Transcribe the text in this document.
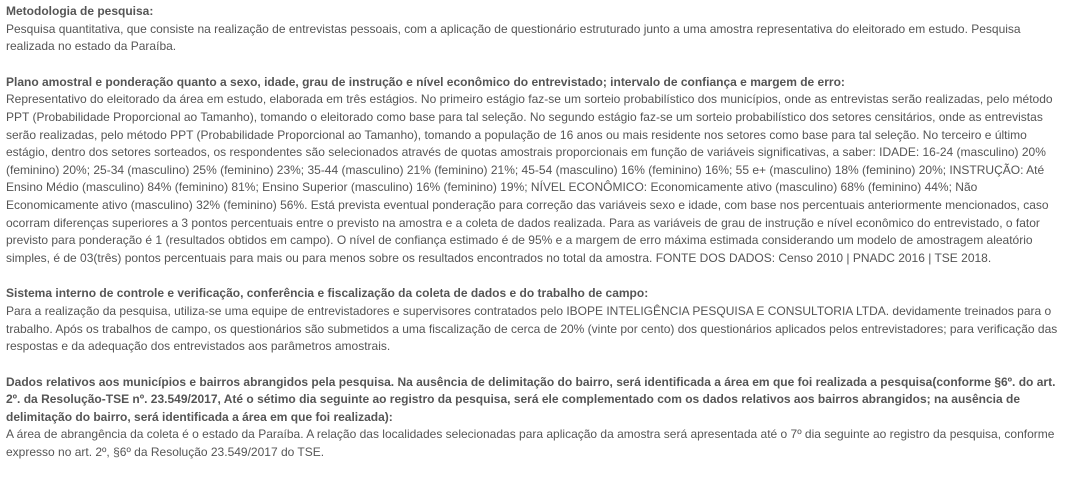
Metodologia de pesquisa:

Pesquisa quantitativa, que consiste na realização de entrevistas pessoais, com a aplicação de questionário estruturado junto a uma amostra representativa do eleitorado em estudo. Pesquisa realizada no estado da Paraíba.

Plano amostral e ponderação quanto a sexo, idade, grau de instrução e nível econômico do entrevistado; intervalo de confiança e margem de erro:

Representativo do eleitorado da área em estudo, elaborada em três estágios. No primeiro estágio faz-se um sorteio probabilístico dos municípios, onde as entrevistas serão realizadas, pelo método PPT (Probabilidade Proporcional ao Tamanho), tomando o eleitorado como base para tal seleção. No segundo estágio faz-se um sorteio probabilístico dos setores censitários, onde as entrevistas serão realizadas, pelo método PPT (Probabilidade Proporcional ao Tamanho), tomando a população de 16 anos ou mais residente nos setores como base para tal seleção. No terceiro e último estágio, dentro dos setores sorteados, os respondentes são selecionados através de quotas amostrais proporcionais em função de variáveis significativas, a saber: IDADE: 16-24 (masculino) 20% (feminino) 20%; 25-34 (masculino) 25% (feminino) 23%; 35-44 (masculino) 21% (feminino) 21%; 45-54 (masculino) 16% (feminino) 16%; 55 e+ (masculino) 18% (feminino) 20%; INSTRUÇÃO: Até Ensino Médio (masculino) 84% (feminino) 81%; Ensino Superior (masculino) 16% (feminino) 19%; NÍVEL ECONÔMICO: Economicamente ativo (masculino) 68% (feminino) 44%; Não Economicamente ativo (masculino) 32% (feminino) 56%. Está prevista eventual ponderação para correção das variáveis sexo e idade, com base nos percentuais anteriormente mencionados, caso ocorram diferenças superiores a 3 pontos percentuais entre o previsto na amostra e a coleta de dados realizada. Para as variáveis de grau de instrução e nível econômico do entrevistado, o fator previsto para ponderação é 1 (resultados obtidos em campo). O nível de confiança estimado é de 95% e a margem de erro máxima estimada considerando um modelo de amostragem aleatório simples, é de 03(três) pontos percentuais para mais ou para menos sobre os resultados encontrados no total da amostra. FONTE DOS DADOS: Censo 2010 | PNADC 2016 | TSE 2018.

Sistema interno de controle e verificação, conferência e fiscalização da coleta de dados e do trabalho de campo:

Para a realização da pesquisa, utiliza-se uma equipe de entrevistadores e supervisores contratados pelo IBOPE INTELIGÊNCIA PESQUISA E CONSULTORIA LTDA. devidamente treinados para o trabalho. Após os trabalhos de campo, os questionários são submetidos a uma fiscalização de cerca de 20% (vinte por cento) dos questionários aplicados pelos entrevistadores; para verificação das respostas e da adequação dos entrevistados aos parâmetros amostrais.

Dados relativos aos municípios e bairros abrangidos pela pesquisa. Na ausência de delimitação do bairro, será identificada a área em que foi realizada a pesquisa(conforme §6º. do art. 2º. da Resolução-TSE nº. 23.549/2017, Até o sétimo dia seguinte ao registro da pesquisa, será ele complementado com os dados relativos aos bairros abrangidos; na ausência de delimitação do bairro, será identificada a área em que foi realizada):

A área de abrangência da coleta é o estado da Paraíba. A relação das localidades selecionadas para aplicação da amostra será apresentada até o 7º dia seguinte ao registro da pesquisa, conforme expresso no art. 2º, §6º da Resolução 23.549/2017 do TSE.
